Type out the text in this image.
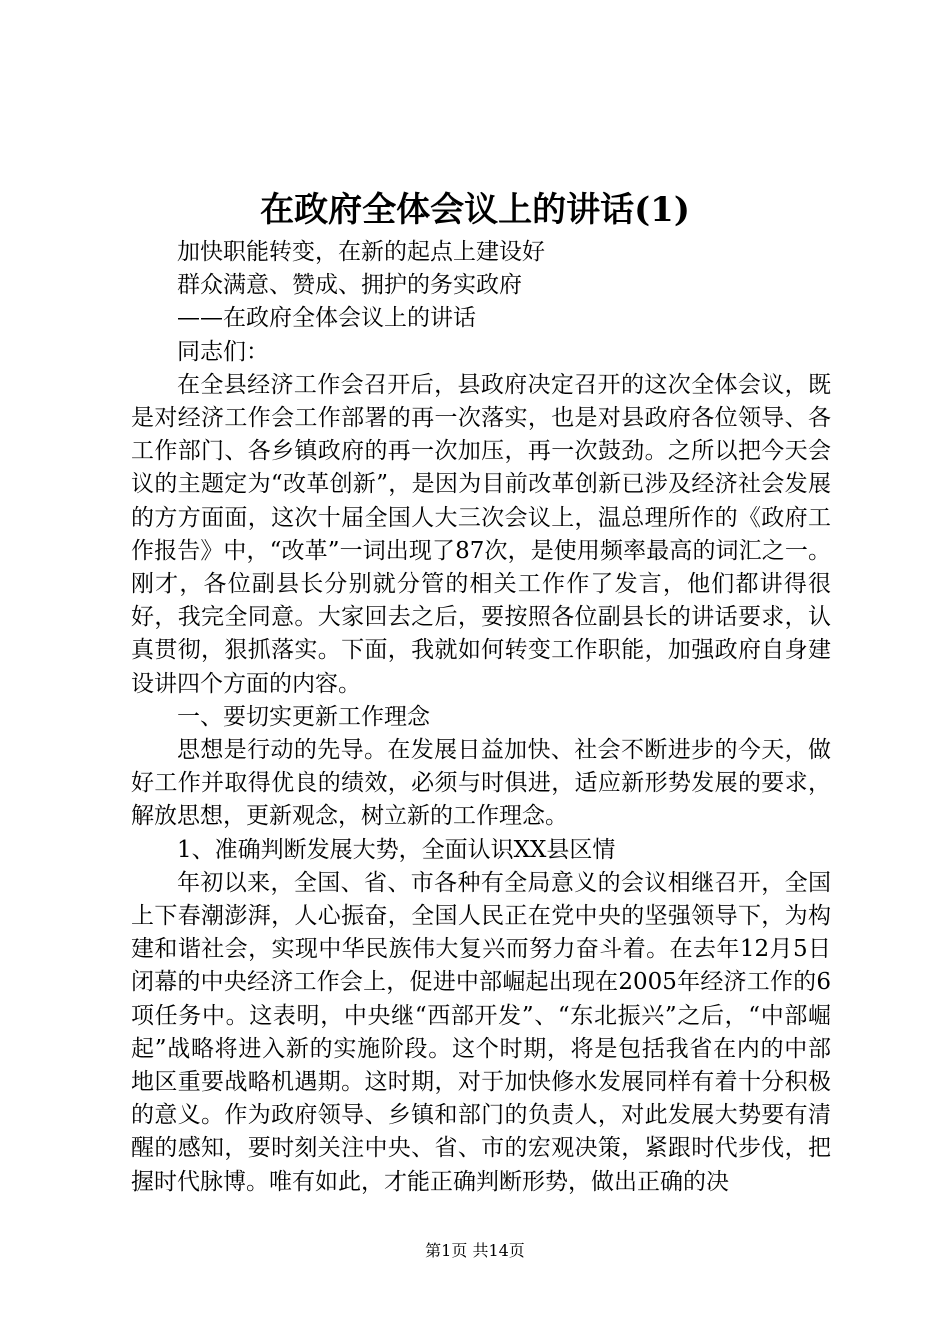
在政府全体会议上的讲话(1)

加快职能转变，在新的起点上建设好

群众满意、赞成、拥护的务实政府

——在政府全体会议上的讲话

同志们：

在全县经济工作会召开后，县政府决定召开的这次全体会议，既是对经济工作会工作部署的再一次落实，也是对县政府各位领导、各工作部门、各乡镇政府的再一次加压，再一次鼓劲。之所以把今天会议的主题定为“改革创新”，是因为目前改革创新已涉及经济社会发展的方方面面，这次十届全国人大三次会议上，温总理所作的《政府工作报告》中，“改革”一词出现了87次，是使用频率最高的词汇之一。刚才，各位副县长分别就分管的相关工作作了发言，他们都讲得很好，我完全同意。大家回去之后，要按照各位副县长的讲话要求，认真贯彻，狠抓落实。下面，我就如何转变工作职能，加强政府自身建设讲四个方面的内容。

一、要切实更新工作理念

思想是行动的先导。在发展日益加快、社会不断进步的今天，做好工作并取得优良的绩效，必须与时俱进，适应新形势发展的要求，解放思想，更新观念，树立新的工作理念。

1、准确判断发展大势，全面认识XX县区情

年初以来，全国、省、市各种有全局意义的会议相继召开，全国上下春潮澎湃，人心振奋，全国人民正在党中央的坚强领导下，为构建和谐社会，实现中华民族伟大复兴而努力奋斗着。在去年12月5日闭幕的中央经济工作会上，促进中部崛起出现在2005年经济工作的6项任务中。这表明，中央继“西部开发”、“东北振兴”之后，“中部崛起”战略将进入新的实施阶段。这个时期，将是包括我省在内的中部地区重要战略机遇期。这时期，对于加快修水发展同样有着十分积极的意义。作为政府领导、乡镇和部门的负责人，对此发展大势要有清醒的感知，要时刻关注中央、省、市的宏观决策，紧跟时代步伐，把握时代脉博。唯有如此，才能正确判断形势，做出正确的决

第1页 共14页
